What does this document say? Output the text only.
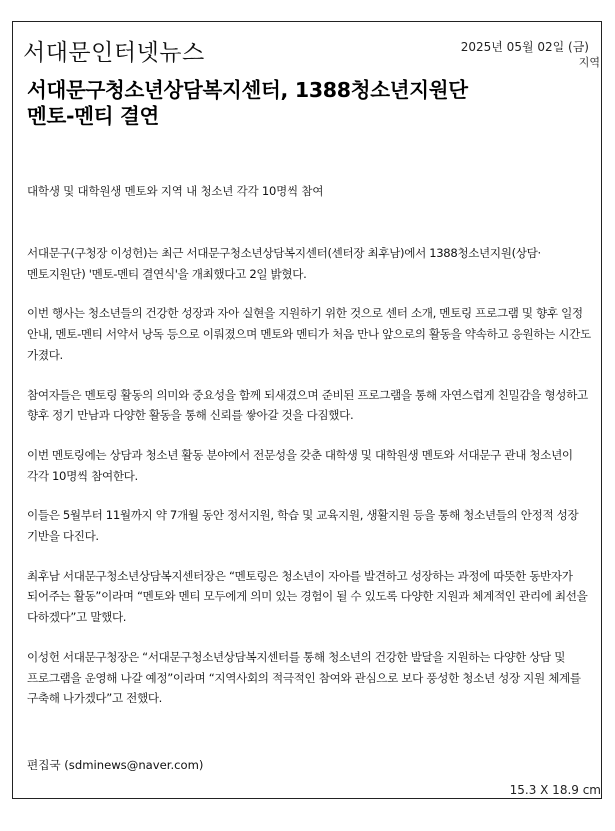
서대문인터넷뉴스	2025년 05월 02일 (금)
지역
서대문구청소년상담복지센터, 1388청소년지원단
멘토-멘티 결연
대학생 및 대학원생 멘토와 지역 내 청소년 각각 10명씩 참여

서대문구(구청장 이성헌)는 최근 서대문구청소년상담복지센터(센터장 최후남)에서 1388청소년지원(상담·멘토지원단) '멘토-멘티 결연식'을 개최했다고 2일 밝혔다.

이번 행사는 청소년들의 건강한 성장과 자아 실현을 지원하기 위한 것으로 센터 소개, 멘토링 프로그램 및 향후 일정 안내, 멘토-멘티 서약서 낭독 등으로 이뤄졌으며 멘토와 멘티가 처음 만나 앞으로의 활동을 약속하고 응원하는 시간도 가졌다.

참여자들은 멘토링 활동의 의미와 중요성을 함께 되새겼으며 준비된 프로그램을 통해 자연스럽게 친밀감을 형성하고 향후 정기 만남과 다양한 활동을 통해 신뢰를 쌓아갈 것을 다짐했다.

이번 멘토링에는 상담과 청소년 활동 분야에서 전문성을 갖춘 대학생 및 대학원생 멘토와 서대문구 관내 청소년이 각각 10명씩 참여한다.

이들은 5월부터 11월까지 약 7개월 동안 정서지원, 학습 및 교육지원, 생활지원 등을 통해 청소년들의 안정적 성장 기반을 다진다.

최후남 서대문구청소년상담복지센터장은 “멘토링은 청소년이 자아를 발견하고 성장하는 과정에 따뜻한 동반자가 되어주는 활동”이라며 “멘토와 멘티 모두에게 의미 있는 경험이 될 수 있도록 다양한 지원과 체계적인 관리에 최선을 다하겠다”고 말했다.

이성헌 서대문구청장은 “서대문구청소년상담복지센터를 통해 청소년의 건강한 발달을 지원하는 다양한 상담 및 프로그램을 운영해 나갈 예정”이라며 “지역사회의 적극적인 참여와 관심으로 보다 풍성한 청소년 성장 지원 체계를 구축해 나가겠다”고 전했다.

편집국 (sdminews@naver.com)
15.3 X 18.9 cm
